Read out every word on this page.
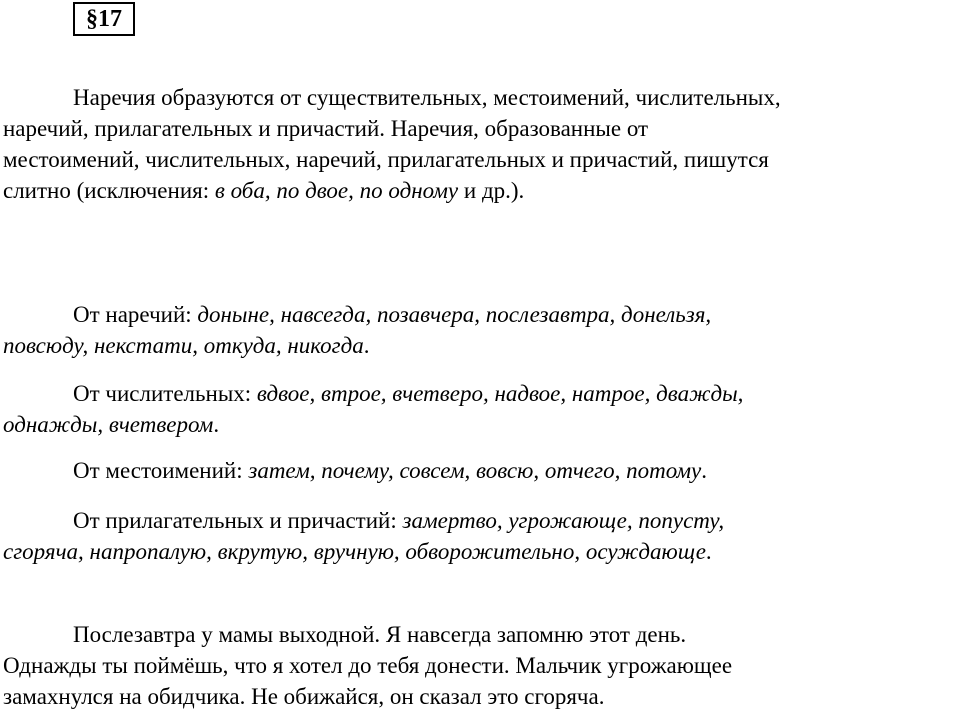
§17
Наречия образуются от существительных, местоимений, числительных,
наречий, прилагательных и причастий. Наречия, образованные от
местоимений, числительных, наречий, прилагательных и причастий, пишутся
слитно (исключения: в оба, по двое, по одному и др.).
От наречий: доныне, навсегда, позавчера, послезавтра, донельзя,
повсюду, некстати, откуда, никогда.
От числительных: вдвое, втрое, вчетверо, надвое, натрое, дважды,
однажды, вчетвером.
От местоимений: затем, почему, совсем, вовсю, отчего, потому.
От прилагательных и причастий: замертво, угрожающе, попусту,
сгоряча, напропалую, вкрутую, вручную, обворожительно, осуждающе.
Послезавтра у мамы выходной. Я навсегда запомню этот день.
Однажды ты поймёшь, что я хотел до тебя донести. Мальчик угрожающее
замахнулся на обидчика. Не обижайся, он сказал это сгоряча.
